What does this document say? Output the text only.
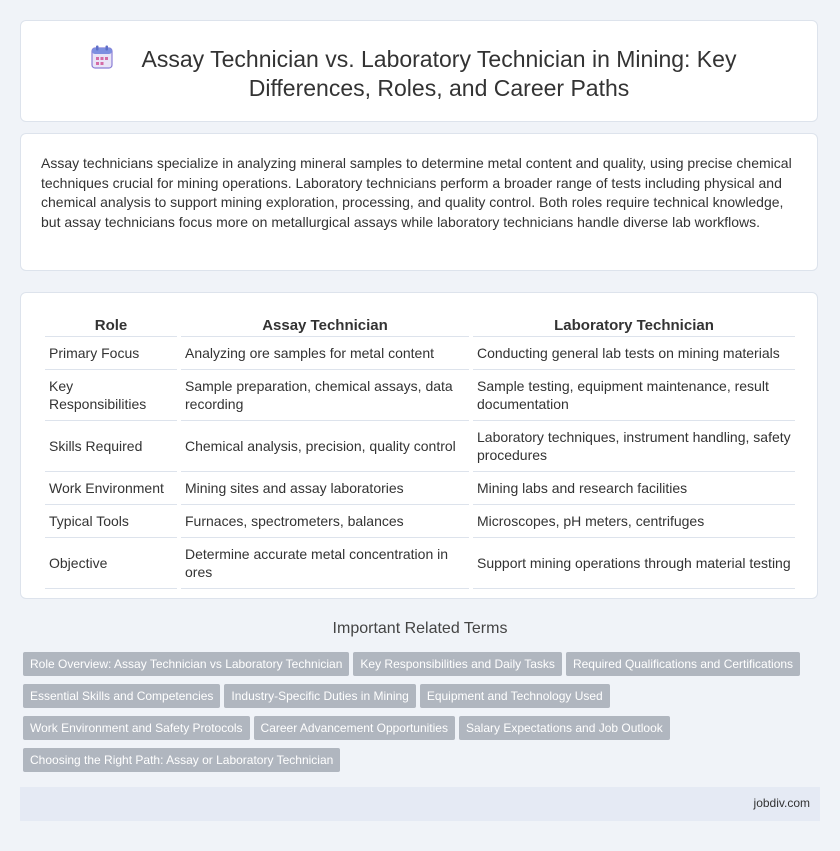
Assay Technician vs. Laboratory Technician in Mining: Key Differences, Roles, and Career Paths

Assay technicians specialize in analyzing mineral samples to determine metal content and quality, using precise chemical techniques crucial for mining operations. Laboratory technicians perform a broader range of tests including physical and chemical analysis to support mining exploration, processing, and quality control. Both roles require technical knowledge, but assay technicians focus more on metallurgical assays while laboratory technicians handle diverse lab workflows.

Role	Assay Technician	Laboratory Technician
Primary Focus	Analyzing ore samples for metal content	Conducting general lab tests on mining materials
Key Responsibilities	Sample preparation, chemical assays, data recording	Sample testing, equipment maintenance, result documentation
Skills Required	Chemical analysis, precision, quality control	Laboratory techniques, instrument handling, safety procedures
Work Environment	Mining sites and assay laboratories	Mining labs and research facilities
Typical Tools	Furnaces, spectrometers, balances	Microscopes, pH meters, centrifuges
Objective	Determine accurate metal concentration in ores	Support mining operations through material testing
Important Related Terms
Role Overview: Assay Technician vs Laboratory Technician Key Responsibilities and Daily Tasks Required Qualifications and Certifications
Essential Skills and Competencies Industry-Specific Duties in Mining Equipment and Technology Used
Work Environment and Safety Protocols Career Advancement Opportunities Salary Expectations and Job Outlook
Choosing the Right Path: Assay or Laboratory Technician
jobdiv.com
